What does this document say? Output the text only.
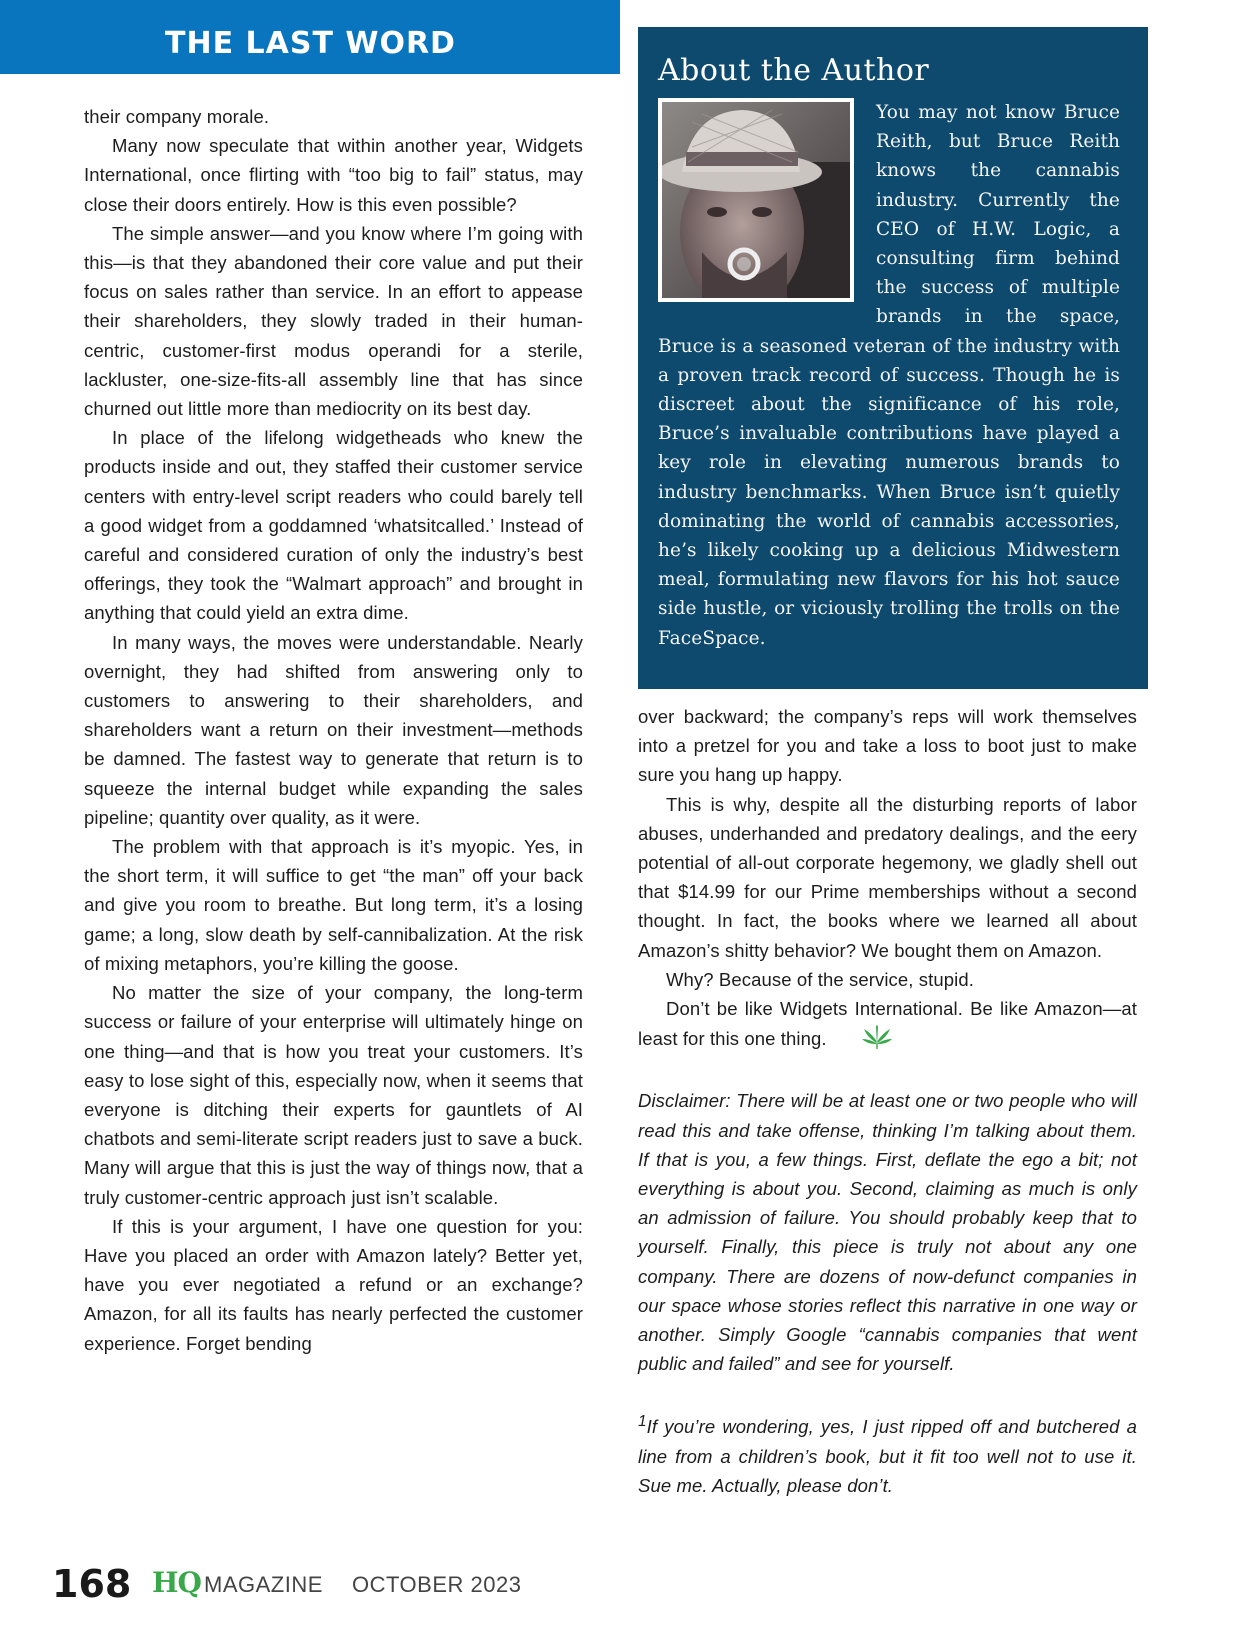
THE LAST WORD

their company morale.

Many now speculate that within another year, Widgets International, once flirting with “too big to fail” status, may close their doors entirely. How is this even possible?

The simple answer—and you know where I’m going with this—is that they abandoned their core value and put their focus on sales rather than service. In an effort to appease their shareholders, they slowly traded in their human-centric, customer-first modus operandi for a sterile, lackluster, one-size-fits-all assembly line that has since churned out little more than mediocrity on its best day.

In place of the lifelong widgetheads who knew the products inside and out, they staffed their customer service centers with entry-level script readers who could barely tell a good widget from a goddamned ‘whatsitcalled.’ Instead of careful and considered curation of only the industry’s best offerings, they took the “Walmart approach” and brought in anything that could yield an extra dime.

In many ways, the moves were understandable. Nearly overnight, they had shifted from answering only to customers to answering to their shareholders, and shareholders want a return on their investment—methods be damned. The fastest way to generate that return is to squeeze the internal budget while expanding the sales pipeline; quantity over quality, as it were.

The problem with that approach is it’s myopic. Yes, in the short term, it will suffice to get “the man” off your back and give you room to breathe. But long term, it’s a losing game; a long, slow death by self-cannibalization. At the risk of mixing metaphors, you’re killing the goose.

No matter the size of your company, the long-term success or failure of your enterprise will ultimately hinge on one thing—and that is how you treat your customers. It’s easy to lose sight of this, especially now, when it seems that everyone is ditching their experts for gauntlets of AI chatbots and semi-literate script readers just to save a buck. Many will argue that this is just the way of things now, that a truly customer-centric approach just isn’t scalable.

If this is your argument, I have one question for you: Have you placed an order with Amazon lately? Better yet, have you ever negotiated a refund or an exchange? Amazon, for all its faults has nearly perfected the customer experience. Forget bending

About the Author

You may not know Bruce Reith, but Bruce Reith knows the cannabis industry. Currently the CEO of H.W. Logic, a consulting firm behind the success of multiple brands in the space, Bruce is a seasoned veteran of the industry with a proven track record of success. Though he is discreet about the significance of his role, Bruce’s invaluable contributions have played a key role in elevating numerous brands to industry benchmarks. When Bruce isn’t quietly dominating the world of cannabis accessories, he’s likely cooking up a delicious Midwestern meal, formulating new flavors for his hot sauce side hustle, or viciously trolling the trolls on the FaceSpace.

over backward; the company’s reps will work themselves into a pretzel for you and take a loss to boot just to make sure you hang up happy.

This is why, despite all the disturbing reports of labor abuses, underhanded and predatory dealings, and the eery potential of all-out corporate hegemony, we gladly shell out that $14.99 for our Prime memberships without a second thought. In fact, the books where we learned all about Amazon’s shitty behavior? We bought them on Amazon.

Why? Because of the service, stupid.

Don’t be like Widgets International. Be like Amazon—at least for this one thing.

Disclaimer: There will be at least one or two people who will read this and take offense, thinking I’m talking about them. If that is you, a few things. First, deflate the ego a bit; not everything is about you. Second, claiming as much is only an admission of failure. You should probably keep that to yourself. Finally, this piece is truly not about any one company. There are dozens of now-defunct companies in our space whose stories reflect this narrative in one way or another. Simply Google “cannabis companies that went public and failed” and see for yourself.

$^1$If you’re wondering, yes, I just ripped off and butchered a line from a children’s book, but it fit too well not to use it. Sue me. Actually, please don’t.

168 HQ MAGAZINE OCTOBER 2023
